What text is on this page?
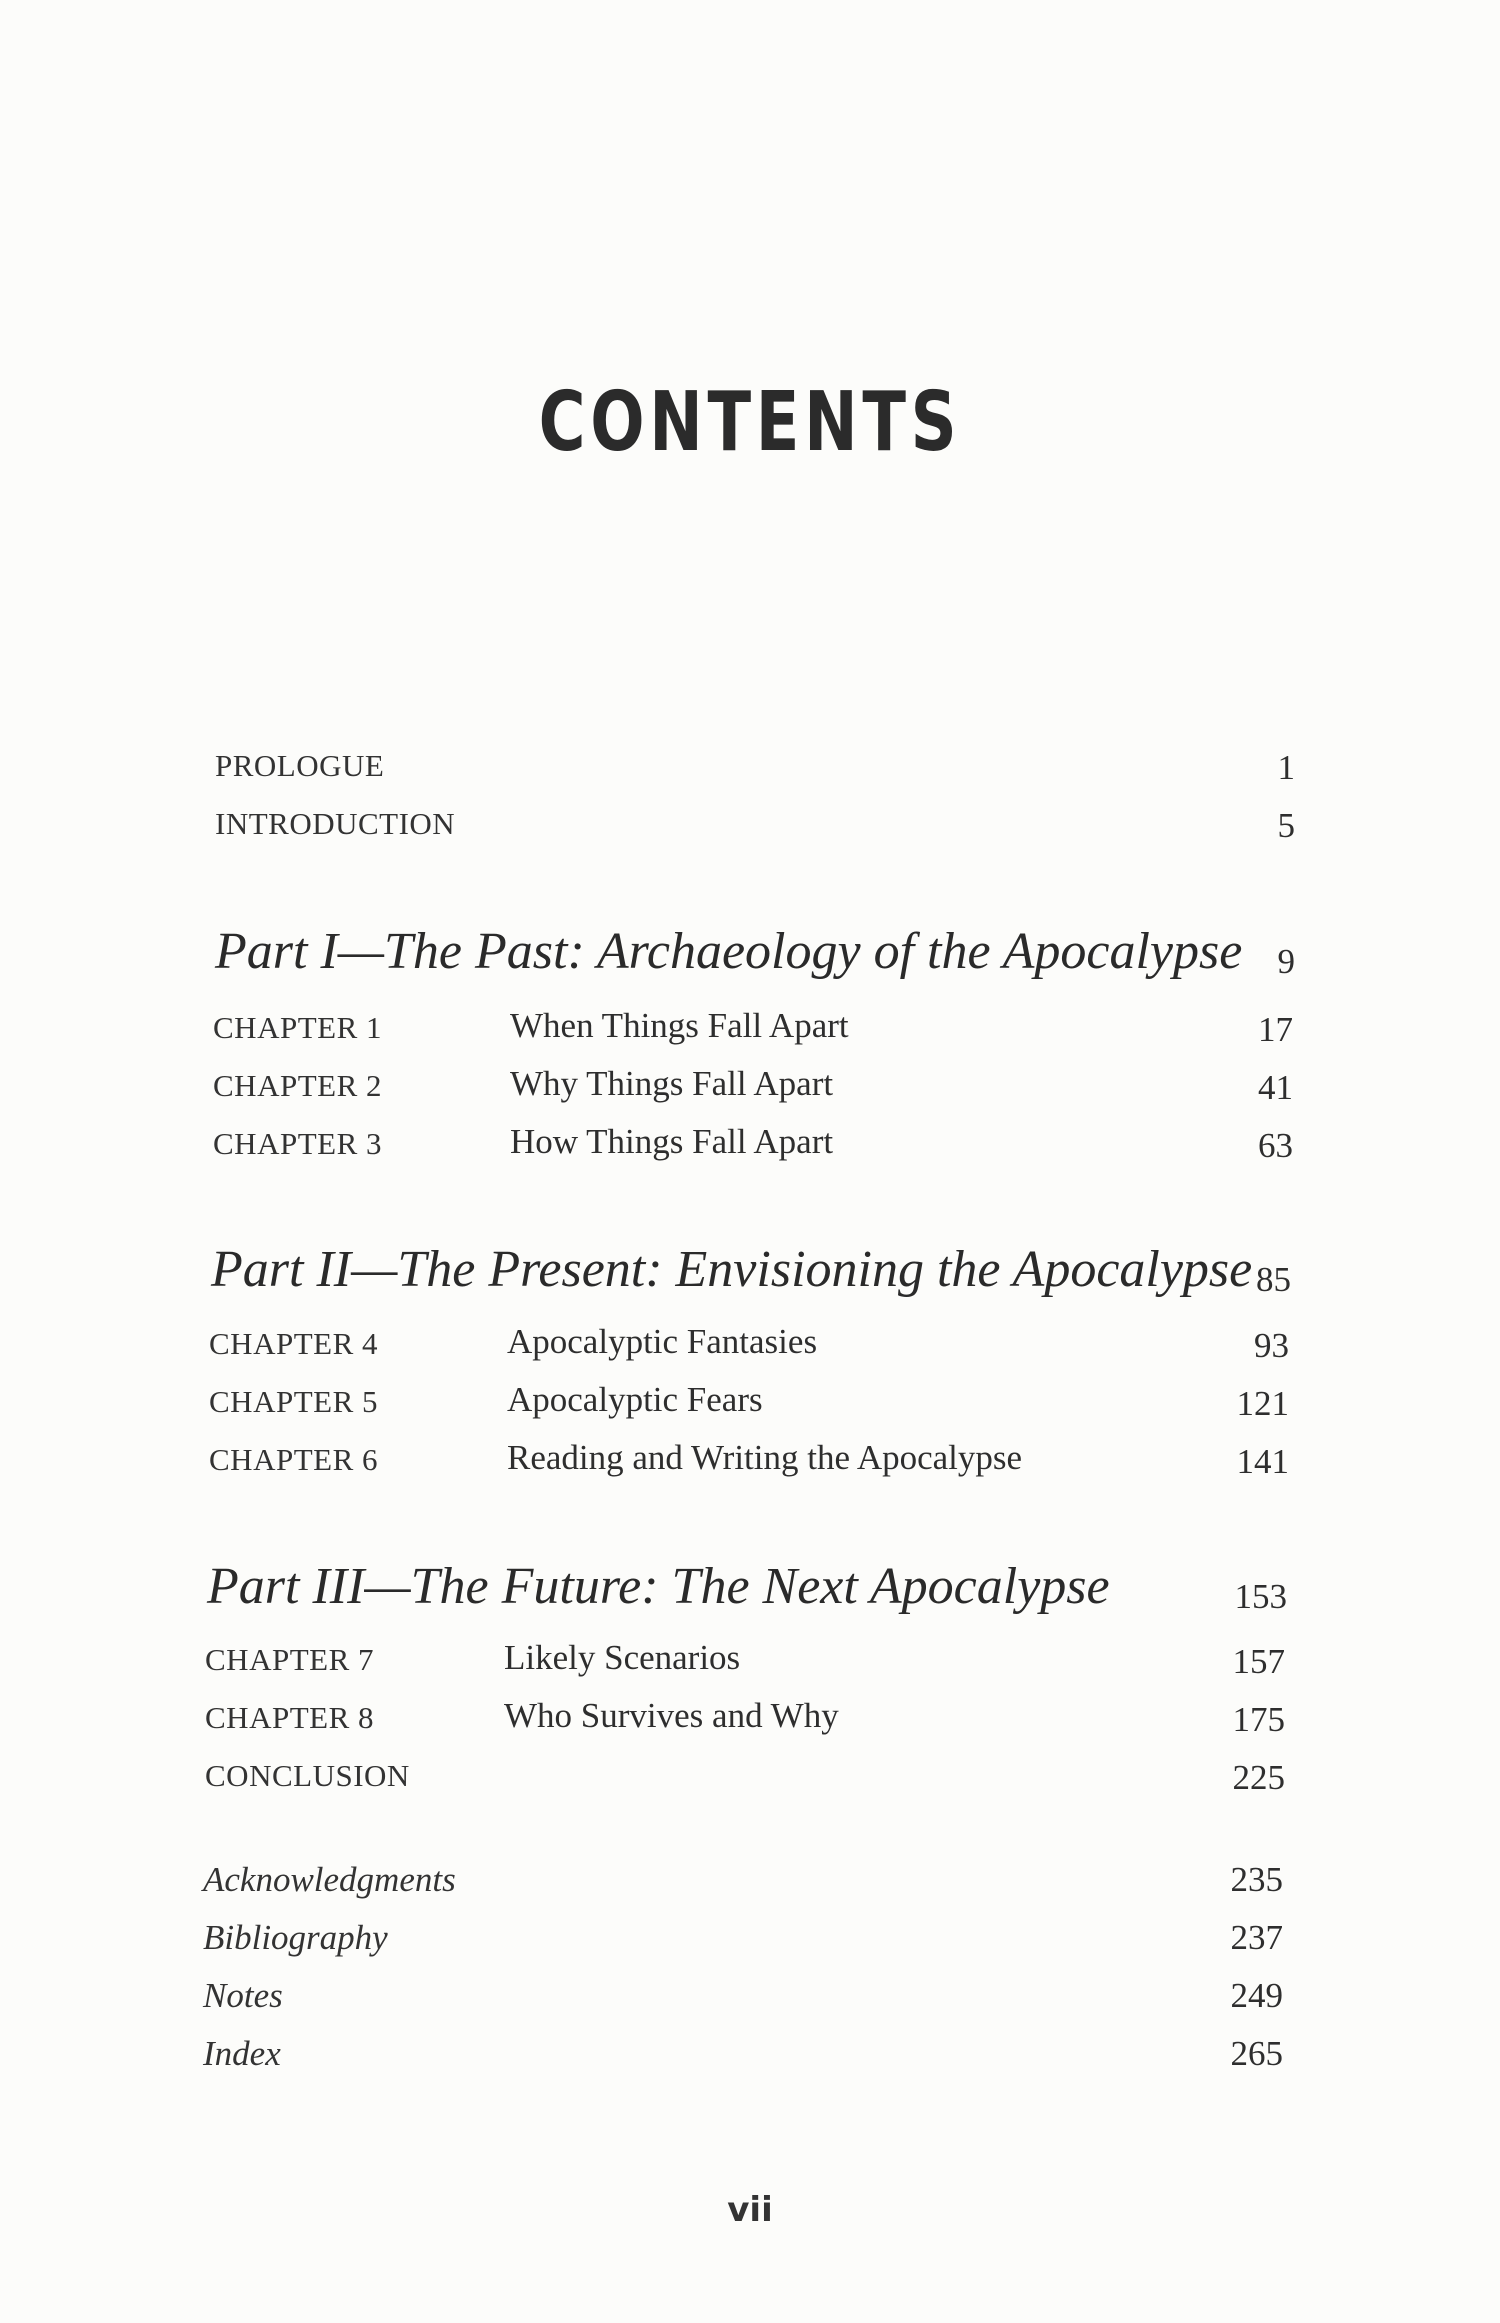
CONTENTS
PROLOGUE	1
INTRODUCTION	5
Part I—The Past: Archaeology of the Apocalypse	9
CHAPTER 1	When Things Fall Apart	17
CHAPTER 2	Why Things Fall Apart	41
CHAPTER 3	How Things Fall Apart	63
Part II—The Present: Envisioning the Apocalypse 85
CHAPTER 4	Apocalyptic Fantasies	93
CHAPTER 5	Apocalyptic Fears	121
CHAPTER 6	Reading and Writing the Apocalypse	141
Part III—The Future: The Next Apocalypse	153
CHAPTER 7	Likely Scenarios	157
CHAPTER 8	Who Survives and Why	175
CONCLUSION	225
Acknowledgments	235
Bibliography	237
Notes	249
Index	265
vii
